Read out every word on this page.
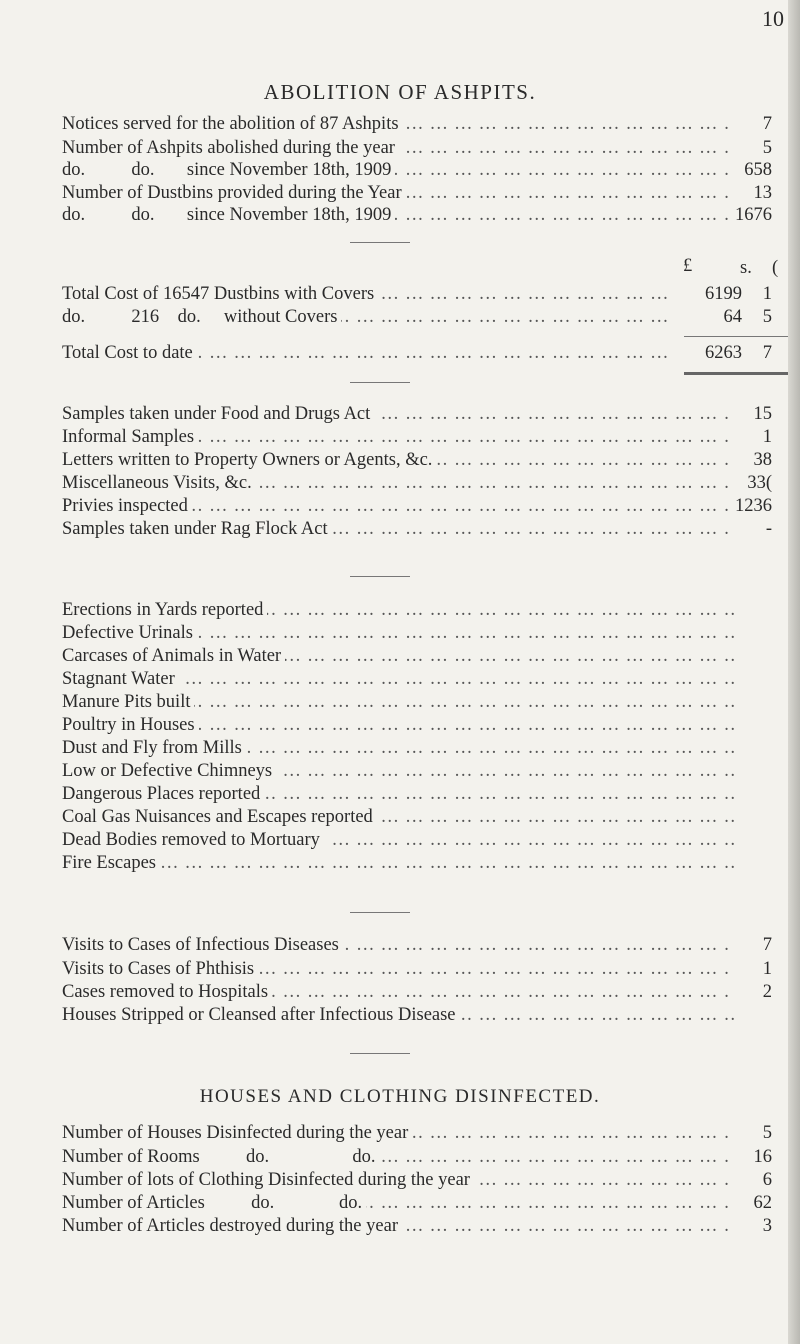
10
ABOLITION OF ASHPITS.
……………………………………………………………………………………………………………………
Notices served for the abolition of 87 Ashpits	7
……………………………………………………………………………………………………………………
Number of Ashpits abolished during the year	5
……………………………………………………………………………………………………………………
do.          do.       since November 18th, 1909	658
……………………………………………………………………………………………………………………
Number of Dustbins provided during the Year	13
……………………………………………………………………………………………………………………
do.          do.       since November 18th, 1909	1676
£	s. (
……………………………………………………………………………………………………………………
Total Cost of 16547 Dustbins with Covers	6199	1
……………………………………………………………………………………………………………………
do.          216    do.     without Covers	64	5
……………………………………………………………………………………………………………………
Total Cost to date	6263	7
……………………………………………………………………………………………………………………
Samples taken under Food and Drugs Act	15
……………………………………………………………………………………………………………………
Informal Samples	1
……………………………………………………………………………………………………………………
Letters written to Property Owners or Agents, &c.	38
……………………………………………………………………………………………………………………
Miscellaneous Visits, &c.	33(
……………………………………………………………………………………………………………………
Privies inspected	1236
……………………………………………………………………………………………………………………
Samples taken under Rag Flock Act	-
……………………………………………………………………………………………………………………
Erections in Yards reported
……………………………………………………………………………………………………………………
Defective Urinals
……………………………………………………………………………………………………………………
Carcases of Animals in Water
……………………………………………………………………………………………………………………
Stagnant Water
……………………………………………………………………………………………………………………
Manure Pits built
……………………………………………………………………………………………………………………
Poultry in Houses
……………………………………………………………………………………………………………………
Dust and Fly from Mills
……………………………………………………………………………………………………………………
Low or Defective Chimneys
……………………………………………………………………………………………………………………
Dangerous Places reported
……………………………………………………………………………………………………………………
Coal Gas Nuisances and Escapes reported
……………………………………………………………………………………………………………………
Dead Bodies removed to Mortuary
……………………………………………………………………………………………………………………
Fire Escapes
……………………………………………………………………………………………………………………
Visits to Cases of Infectious Diseases	7
……………………………………………………………………………………………………………………
Visits to Cases of Phthisis	1
……………………………………………………………………………………………………………………
Cases removed to Hospitals	2
……………………………………………………………………………………………………………………
Houses Stripped or Cleansed after Infectious Disease
HOUSES AND CLOTHING DISINFECTED.
……………………………………………………………………………………………………………………
Number of Houses Disinfected during the year	5
……………………………………………………………………………………………………………………
Number of Rooms          do.                  do.	16
……………………………………………………………………………………………………………………
Number of lots of Clothing Disinfected during the year	6
……………………………………………………………………………………………………………………
Number of Articles          do.              do.	62
……………………………………………………………………………………………………………………
Number of Articles destroyed during the year	3
